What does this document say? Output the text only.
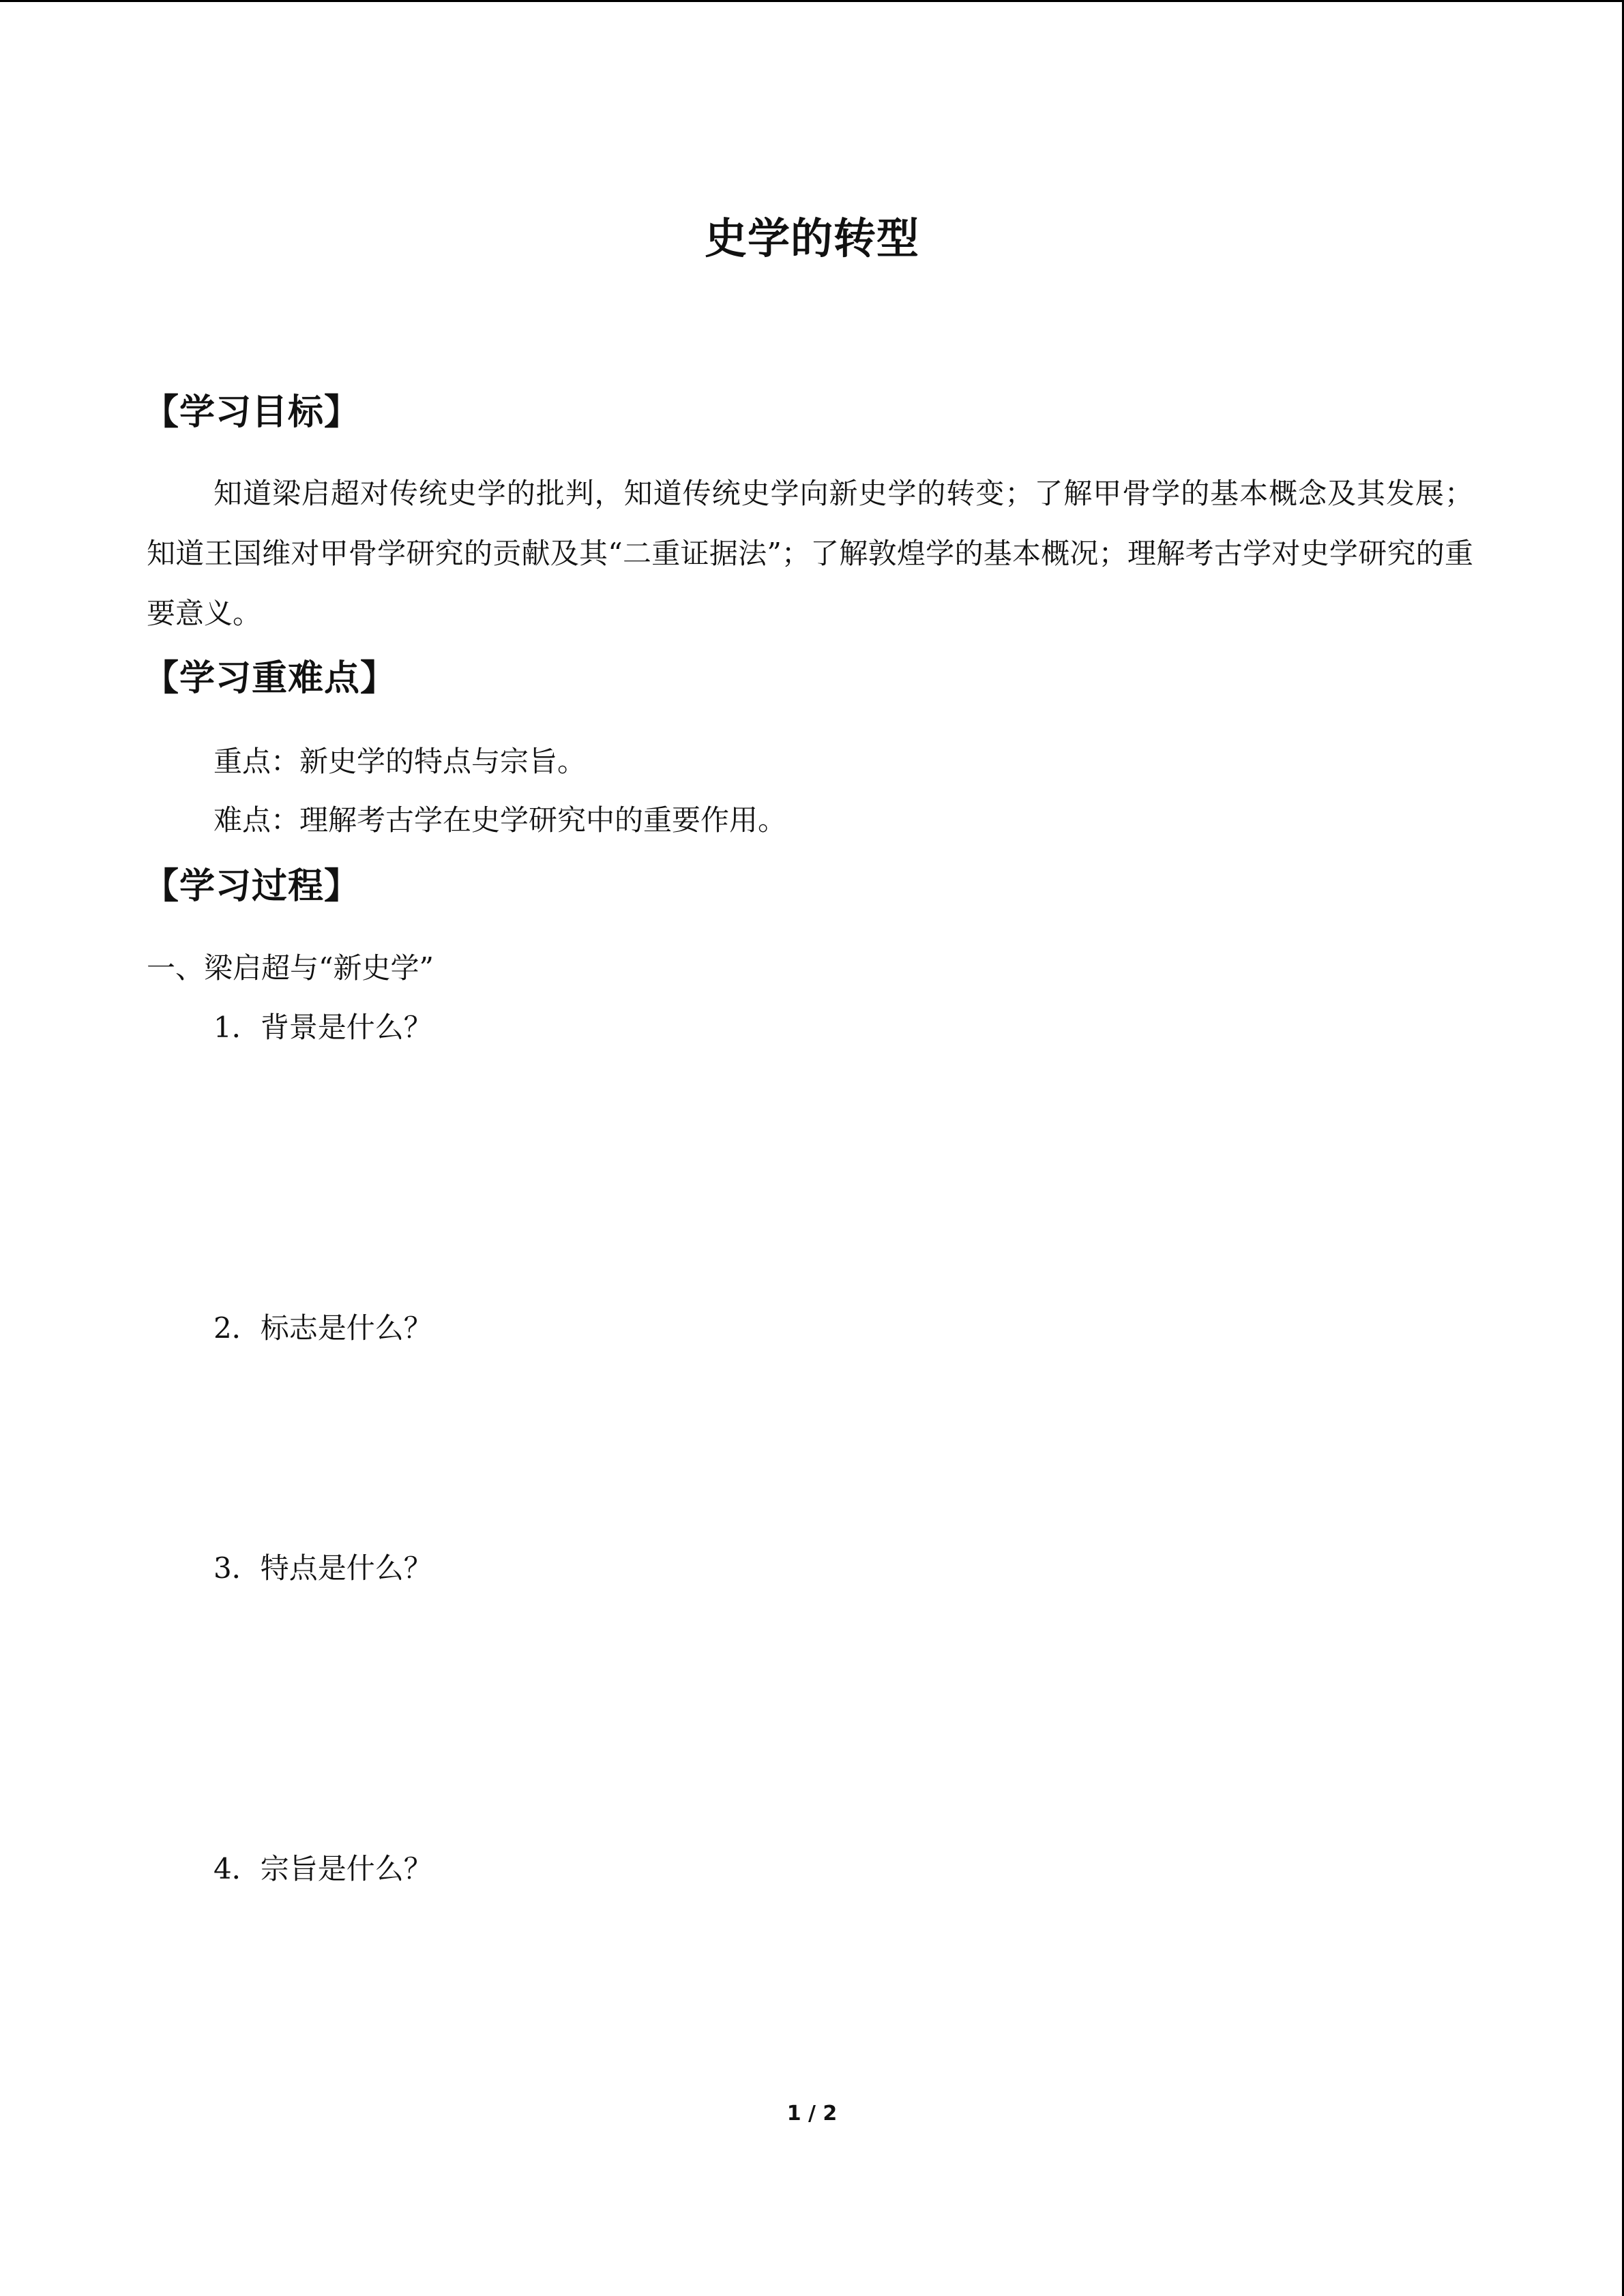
史学的转型
【学习目标】
知道梁启超对传统史学的批判，知道传统史学向新史学的转变；了解甲骨学的基本概念及其发展；知道王国维对甲骨学研究的贡献及其“二重证据法”；了解敦煌学的基本概况；理解考古学对史学研究的重要意义。
【学习重难点】
重点：新史学的特点与宗旨。
难点：理解考古学在史学研究中的重要作用。
【学习过程】
一、梁启超与“新史学”
1．背景是什么？
2．标志是什么？
3．特点是什么？
4．宗旨是什么？
1 / 2
